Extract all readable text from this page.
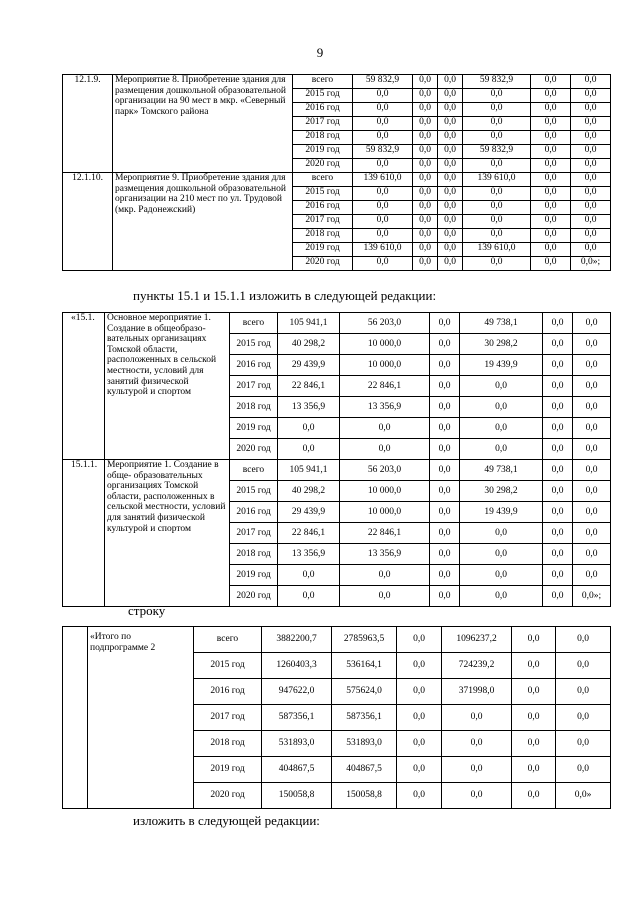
9
12.1.9.	Мероприятие 8. Приобретение здания для размещения дошкольной образовательной организации на 90 мест в мкр. «Северный парк» Томского района	всего	59 832,9	0,0	0,0	59 832,9	0,0	0,0
		2015 год	0,0	0,0	0,0	0,0	0,0	0,0
		2016 год	0,0	0,0	0,0	0,0	0,0	0,0
		2017 год	0,0	0,0	0,0	0,0	0,0	0,0
		2018 год	0,0	0,0	0,0	0,0	0,0	0,0
		2019 год	59 832,9	0,0	0,0	59 832,9	0,0	0,0
		2020 год	0,0	0,0	0,0	0,0	0,0	0,0
12.1.10.	Мероприятие 9. Приобретение здания для размещения дошкольной образовательной организации на 210 мест по ул. Трудовой (мкр. Радонежский)	всего	139 610,0	0,0	0,0	139 610,0	0,0	0,0
		2015 год	0,0	0,0	0,0	0,0	0,0	0,0
		2016 год	0,0	0,0	0,0	0,0	0,0	0,0
		2017 год	0,0	0,0	0,0	0,0	0,0	0,0
		2018 год	0,0	0,0	0,0	0,0	0,0	0,0
		2019 год	139 610,0	0,0	0,0	139 610,0	0,0	0,0
		2020 год	0,0	0,0	0,0	0,0	0,0	0,0»;
пункты 15.1 и 15.1.1 изложить в следующей редакции:
«15.1.	Основное мероприятие 1. Создание в общеобразо- вательных организациях Томской области, расположенных в сельской местности, условий для занятий физической культурой и спортом	всего	105 941,1	56 203,0	0,0	49 738,1	0,0	0,0
		2015 год	40 298,2	10 000,0	0,0	30 298,2	0,0	0,0
		2016 год	29 439,9	10 000,0	0,0	19 439,9	0,0	0,0
		2017 год	22 846,1	22 846,1	0,0	0,0	0,0	0,0
		2018 год	13 356,9	13 356,9	0,0	0,0	0,0	0,0
		2019 год	0,0	0,0	0,0	0,0	0,0	0,0
		2020 год	0,0	0,0	0,0	0,0	0,0	0,0
15.1.1.	Мероприятие 1. Создание в обще- образовательных организациях Томской области, расположенных в сельской местности, условий для занятий физической культурой и спортом	всего	105 941,1	56 203,0	0,0	49 738,1	0,0	0,0
		2015 год	40 298,2	10 000,0	0,0	30 298,2	0,0	0,0
		2016 год	29 439,9	10 000,0	0,0	19 439,9	0,0	0,0
		2017 год	22 846,1	22 846,1	0,0	0,0	0,0	0,0
		2018 год	13 356,9	13 356,9	0,0	0,0	0,0	0,0
		2019 год	0,0	0,0	0,0	0,0	0,0	0,0
		2020 год	0,0	0,0	0,0	0,0	0,0	0,0»;
строку
	«Итого по подпрограмме 2	всего	3882200,7	2785963,5	0,0	1096237,2	0,0	0,0
		2015 год	1260403,3	536164,1	0,0	724239,2	0,0	0,0
		2016 год	947622,0	575624,0	0,0	371998,0	0,0	0,0
		2017 год	587356,1	587356,1	0,0	0,0	0,0	0,0
		2018 год	531893,0	531893,0	0,0	0,0	0,0	0,0
		2019 год	404867,5	404867,5	0,0	0,0	0,0	0,0
		2020 год	150058,8	150058,8	0,0	0,0	0,0	0,0»
изложить в следующей редакции:
